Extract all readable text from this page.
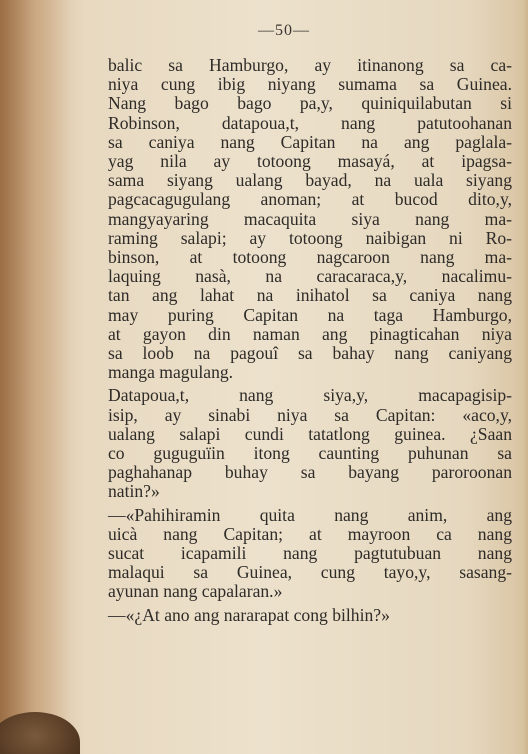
—50—
balic sa Hamburgo, ay itinanong sa ca-
niya cung ibig niyang sumama sa Guinea.
Nang bago bago pa,y, quiniquilabutan si
Robinson, datapoua,t, nang patutoohanan
sa caniya nang Capitan na ang paglala-
yag nila ay totoong masayá, at ipagsa-
sama siyang ualang bayad, na uala siyang
pagcacagugulang anoman; at bucod dito,y,
mangyayaring macaquita siya nang ma-
raming salapi; ay totoong naibigan ni Ro-
binson, at totoong nagcaroon nang ma-
laquing nasà, na caracaraca,y, nacalimu-
tan ang lahat na inihatol sa caniya nang
may puring Capitan na taga Hamburgo,
at gayon din naman ang pinagticahan niya
sa loob na pagouî sa bahay nang caniyang
manga magulang.
Datapoua,t, nang siya,y, macapagisip-
isip, ay sinabi niya sa Capitan: «aco,y,
ualang salapi cundi tatatlong guinea. ¿Saan
co guguguïin itong caunting puhunan sa
paghahanap buhay sa bayang paroroonan
natin?»
—«Pahihiramin quita nang anim, ang
uicà nang Capitan; at mayroon ca nang
sucat icapamili nang pagtutubuan nang
malaqui sa Guinea, cung tayo,y, sasang-
ayunan nang capalaran.»
—«¿At ano ang nararapat cong bilhin?»
